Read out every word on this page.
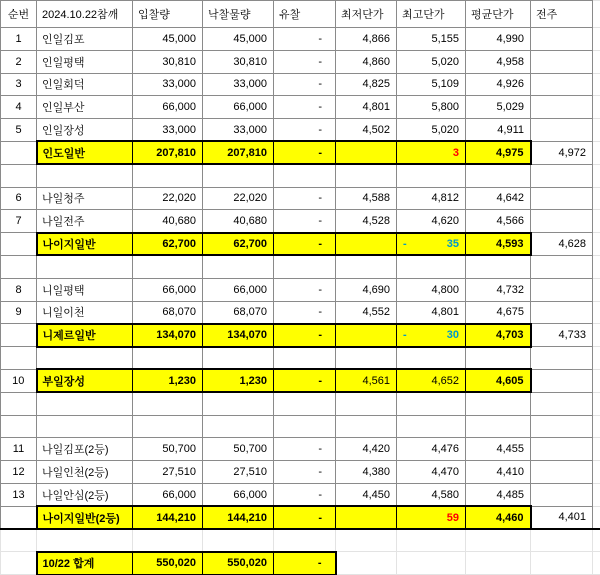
순번	2024.10.22참깨	입찰량	낙찰물량	유찰	최저단가	최고단가	평균단가	전주	
1	인일김포	45,000	45,000	-	4,866	5,155	4,990		
2	인일평택	30,810	30,810	-	4,860	5,020	4,958		
3	인일회덕	33,000	33,000	-	4,825	5,109	4,926		
4	인일부산	66,000	66,000	-	4,801	5,800	5,029		
5	인일장성	33,000	33,000	-	4,502	5,020	4,911		
	인도일반	207,810	207,810	-		3	4,975	4,972	

6	나일청주	22,020	22,020	-	4,588	4,812	4,642		
7	나일전주	40,680	40,680	-	4,528	4,620	4,566		
	나이지일반	62,700	62,700	-		- 35	4,593	4,628	

8	니일평택	66,000	66,000	-	4,690	4,800	4,732		
9	니일이천	68,070	68,070	-	4,552	4,801	4,675		
	니제르일반	134,070	134,070	-		- 30	4,703	4,733	

10	부일장성	1,230	1,230	-	4,561	4,652	4,605		

11	나일김포(2등)	50,700	50,700	-	4,420	4,476	4,455		
12	나일인천(2등)	27,510	27,510	-	4,380	4,470	4,410		
13	나일안심(2등)	66,000	66,000	-	4,450	4,580	4,485		
	나이지일반(2등)	144,210	144,210	-		59	4,460	4,401	

	10/22 합계	550,020	550,020	-					
